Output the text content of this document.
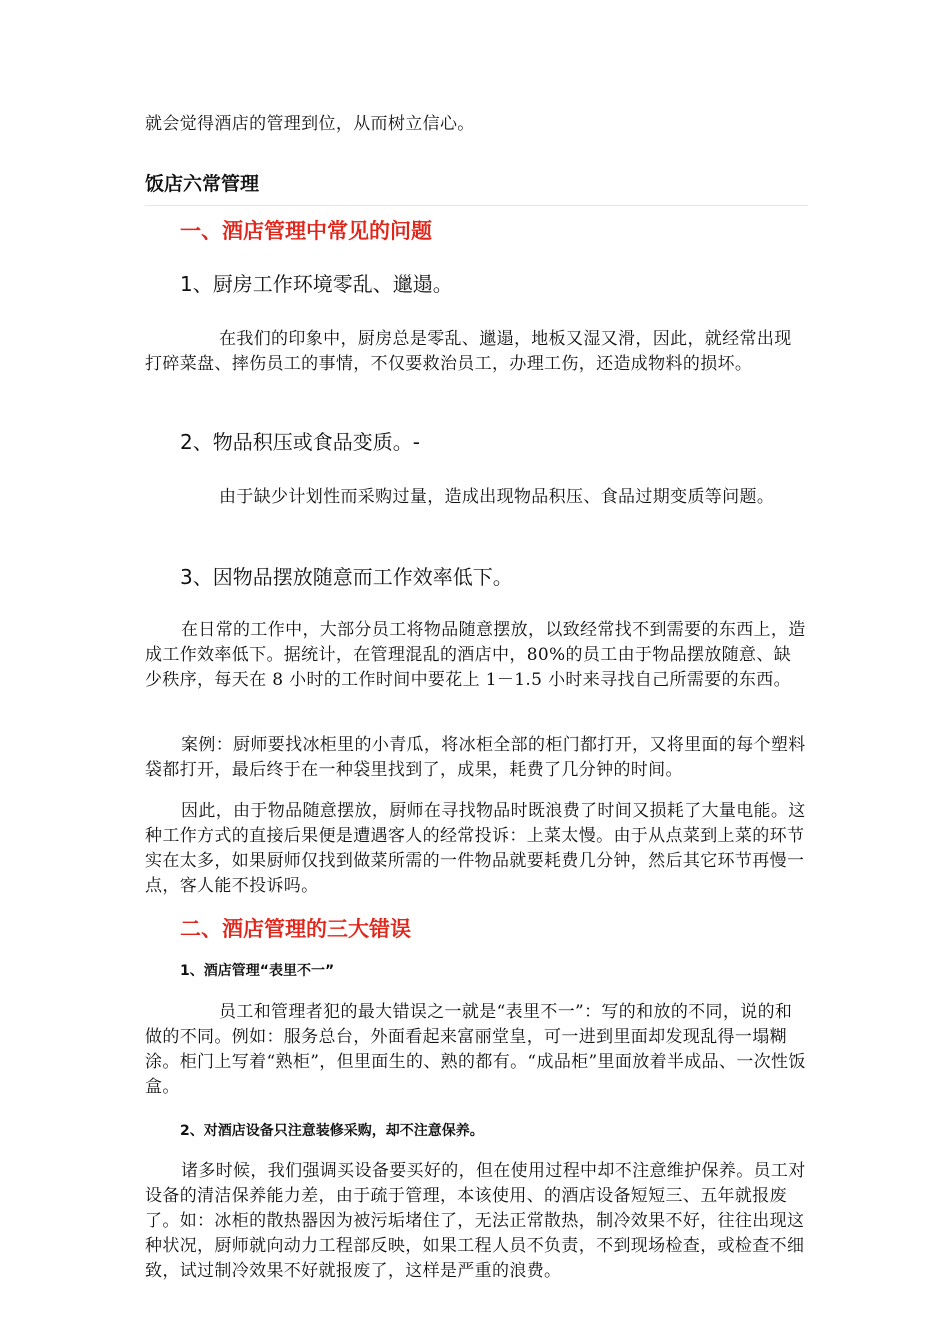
就会觉得酒店的管理到位，从而树立信心。

饭店六常管理

一、酒店管理中常见的问题
1、厨房工作环境零乱、邋遢。

在我们的印象中，厨房总是零乱、邋遢，地板又湿又滑，因此，就经常出现打碎菜盘、摔伤员工的事情，不仅要救治员工，办理工伤，还造成物料的损坏。

2、物品积压或食品变质。-

由于缺少计划性而采购过量，造成出现物品积压、食品过期变质等问题。

3、因物品摆放随意而工作效率低下。

在日常的工作中，大部分员工将物品随意摆放，以致经常找不到需要的东西上，造成工作效率低下。据统计，在管理混乱的酒店中，80%的员工由于物品摆放随意、缺少秩序，每天在 8 小时的工作时间中要花上 1－1.5 小时来寻找自己所需要的东西。

案例：厨师要找冰柜里的小青瓜，将冰柜全部的柜门都打开，又将里面的每个塑料袋都打开，最后终于在一种袋里找到了，成果，耗费了几分钟的时间。

因此，由于物品随意摆放，厨师在寻找物品时既浪费了时间又损耗了大量电能。这种工作方式的直接后果便是遭遇客人的经常投诉：上菜太慢。由于从点菜到上菜的环节实在太多，如果厨师仅找到做菜所需的一件物品就要耗费几分钟，然后其它环节再慢一点，客人能不投诉吗。

二、酒店管理的三大错误
1、酒店管理“表里不一”

员工和管理者犯的最大错误之一就是“表里不一”：写的和放的不同，说的和做的不同。例如：服务总台，外面看起来富丽堂皇，可一进到里面却发现乱得一塌糊涂。柜门上写着“熟柜”，但里面生的、熟的都有。“成品柜”里面放着半成品、一次性饭盒。

2、对酒店设备只注意装修采购，却不注意保养。

诸多时候，我们强调买设备要买好的，但在使用过程中却不注意维护保养。员工对设备的清洁保养能力差，由于疏于管理，本该使用、的酒店设备短短三、五年就报废了。如：冰柜的散热器因为被污垢堵住了，无法正常散热，制冷效果不好，往往出现这种状况，厨师就向动力工程部反映，如果工程人员不负责，不到现场检查，或检查不细致，试过制冷效果不好就报废了，这样是严重的浪费。
